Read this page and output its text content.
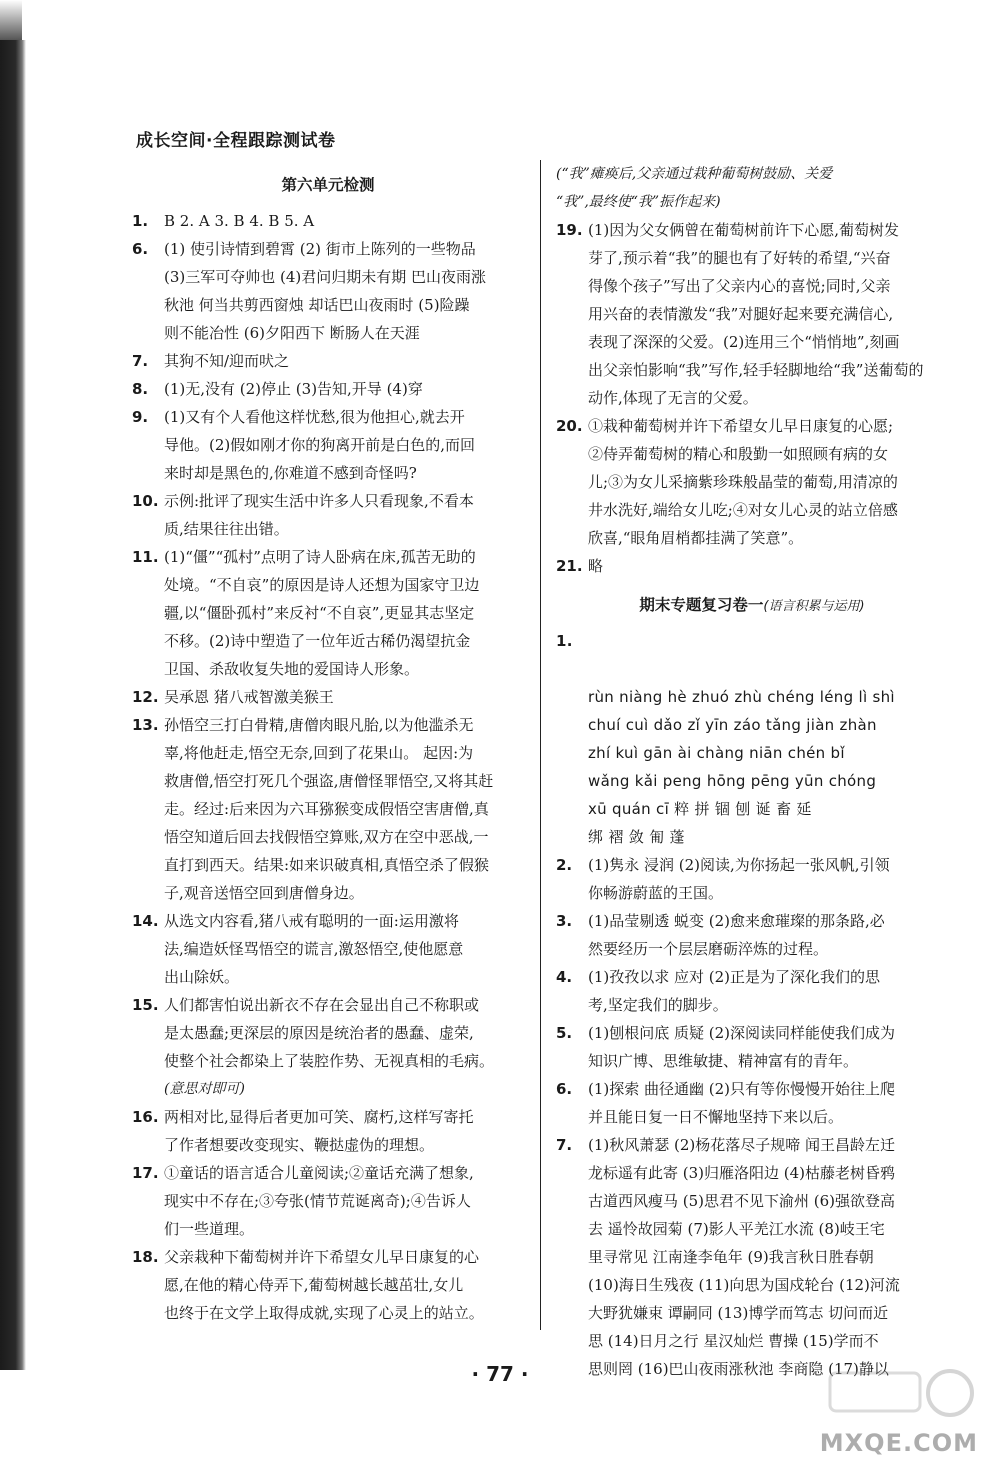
成长空间·全程跟踪测试卷
第六单元检测
1. B 2. A 3. B 4. B 5. A
6. (1) 使引诗情到碧霄 (2) 街市上陈列的一些物品
(3)三军可夺帅也 (4)君问归期未有期 巴山夜雨涨
秋池 何当共剪西窗烛 却话巴山夜雨时 (5)险躁
则不能冶性 (6)夕阳西下 断肠人在天涯
7. 其狗不知/迎而吠之
8. (1)无,没有 (2)停止 (3)告知,开导 (4)穿
9. (1)又有个人看他这样忧愁,很为他担心,就去开
导他。(2)假如刚才你的狗离开前是白色的,而回
来时却是黑色的,你难道不感到奇怪吗?
10. 示例:批评了现实生活中许多人只看现象,不看本
质,结果往往出错。
11. (1)“僵”“孤村”点明了诗人卧病在床,孤苦无助的
处境。“不自哀”的原因是诗人还想为国家守卫边
疆,以“僵卧孤村”来反衬“不自哀”,更显其志坚定
不移。(2)诗中塑造了一位年近古稀仍渴望抗金
卫国、杀敌收复失地的爱国诗人形象。
12. 吴承恩 猪八戒智激美猴王
13. 孙悟空三打白骨精,唐僧肉眼凡胎,以为他滥杀无
辜,将他赶走,悟空无奈,回到了花果山。 起因:为
救唐僧,悟空打死几个强盗,唐僧怪罪悟空,又将其赶
走。经过:后来因为六耳猕猴变成假悟空害唐僧,真
悟空知道后回去找假悟空算账,双方在空中恶战,一
直打到西天。结果:如来识破真相,真悟空杀了假猴
子,观音送悟空回到唐僧身边。
14. 从选文内容看,猪八戒有聪明的一面:运用激将
法,编造妖怪骂悟空的谎言,激怒悟空,使他愿意
出山除妖。
15. 人们都害怕说出新衣不存在会显出自己不称职或
是太愚蠢;更深层的原因是统治者的愚蠢、虚荣,
使整个社会都染上了装腔作势、无视真相的毛病。
(意思对即可)
16. 两相对比,显得后者更加可笑、腐朽,这样写寄托
了作者想要改变现实、鞭挞虚伪的理想。
17. ①童话的语言适合儿童阅读;②童话充满了想象,
现实中不存在;③夸张(情节荒诞离奇);④告诉人
们一些道理。
18. 父亲栽种下葡萄树并许下希望女儿早日康复的心
愿,在他的精心侍弄下,葡萄树越长越茁壮,女儿
也终于在文学上取得成就,实现了心灵上的站立。
(“我”瘫痪后,父亲通过栽种葡萄树鼓励、关爱
“我”,最终使“我”振作起来)
19. (1)因为父女俩曾在葡萄树前许下心愿,葡萄树发
芽了,预示着“我”的腿也有了好转的希望,“兴奋
得像个孩子”写出了父亲内心的喜悦;同时,父亲
用兴奋的表情激发“我”对腿好起来要充满信心,
表现了深深的父爱。(2)连用三个“悄悄地”,刻画
出父亲怕影响“我”写作,轻手轻脚地给“我”送葡萄的
动作,体现了无言的父爱。
20. ①栽种葡萄树并许下希望女儿早日康复的心愿;
②侍弄葡萄树的精心和殷勤一如照顾有病的女
儿;③为女儿采摘紫珍珠般晶莹的葡萄,用清凉的
井水洗好,端给女儿吃;④对女儿心灵的站立倍感
欣喜,“眼角眉梢都挂满了笑意”。
21. 略
期末专题复习卷一(语言积累与运用)

1.

rùn niàng hè zhuó zhù chéng léng lì shì
chuí cuì dǎo zǐ yīn záo tǎng jiàn zhàn
zhí kuì gān ài chàng niān chén bǐ
wǎng kǎi peng hōng pēng yūn chóng
xū quán cī 粹 拼 锢 刨 诞 畜 延
绑 褶 敛 匍 蓬

2. (1)隽永 浸润 (2)阅读,为你扬起一张风帆,引领
你畅游蔚蓝的王国。
3. (1)品莹剔透 蜕变 (2)愈来愈璀璨的那条路,必
然要经历一个层层磨砺淬炼的过程。
4. (1)孜孜以求 应对 (2)正是为了深化我们的思
考,坚定我们的脚步。
5. (1)刨根问底 质疑 (2)深阅读同样能使我们成为
知识广博、思维敏捷、精神富有的青年。
6. (1)探索 曲径通幽 (2)只有等你慢慢开始往上爬
并且能日复一日不懈地坚持下来以后。
7. (1)秋风萧瑟 (2)杨花落尽子规啼 闻王昌龄左迁
龙标遥有此寄 (3)归雁洛阳边 (4)枯藤老树昏鸦
古道西风瘦马 (5)思君不见下渝州 (6)强欲登高
去 遥怜故园菊 (7)影人平羌江水流 (8)岐王宅
里寻常见 江南逢李龟年 (9)我言秋日胜春朝
(10)海日生残夜 (11)向思为国戍轮台 (12)河流
大野犹嫌束 谭嗣同 (13)博学而笃志 切问而近
思 (14)日月之行 星汉灿烂 曹操 (15)学而不
思则罔 (16)巴山夜雨涨秋池 李商隐 (17)静以
· 77 ·
MXQE.COM
